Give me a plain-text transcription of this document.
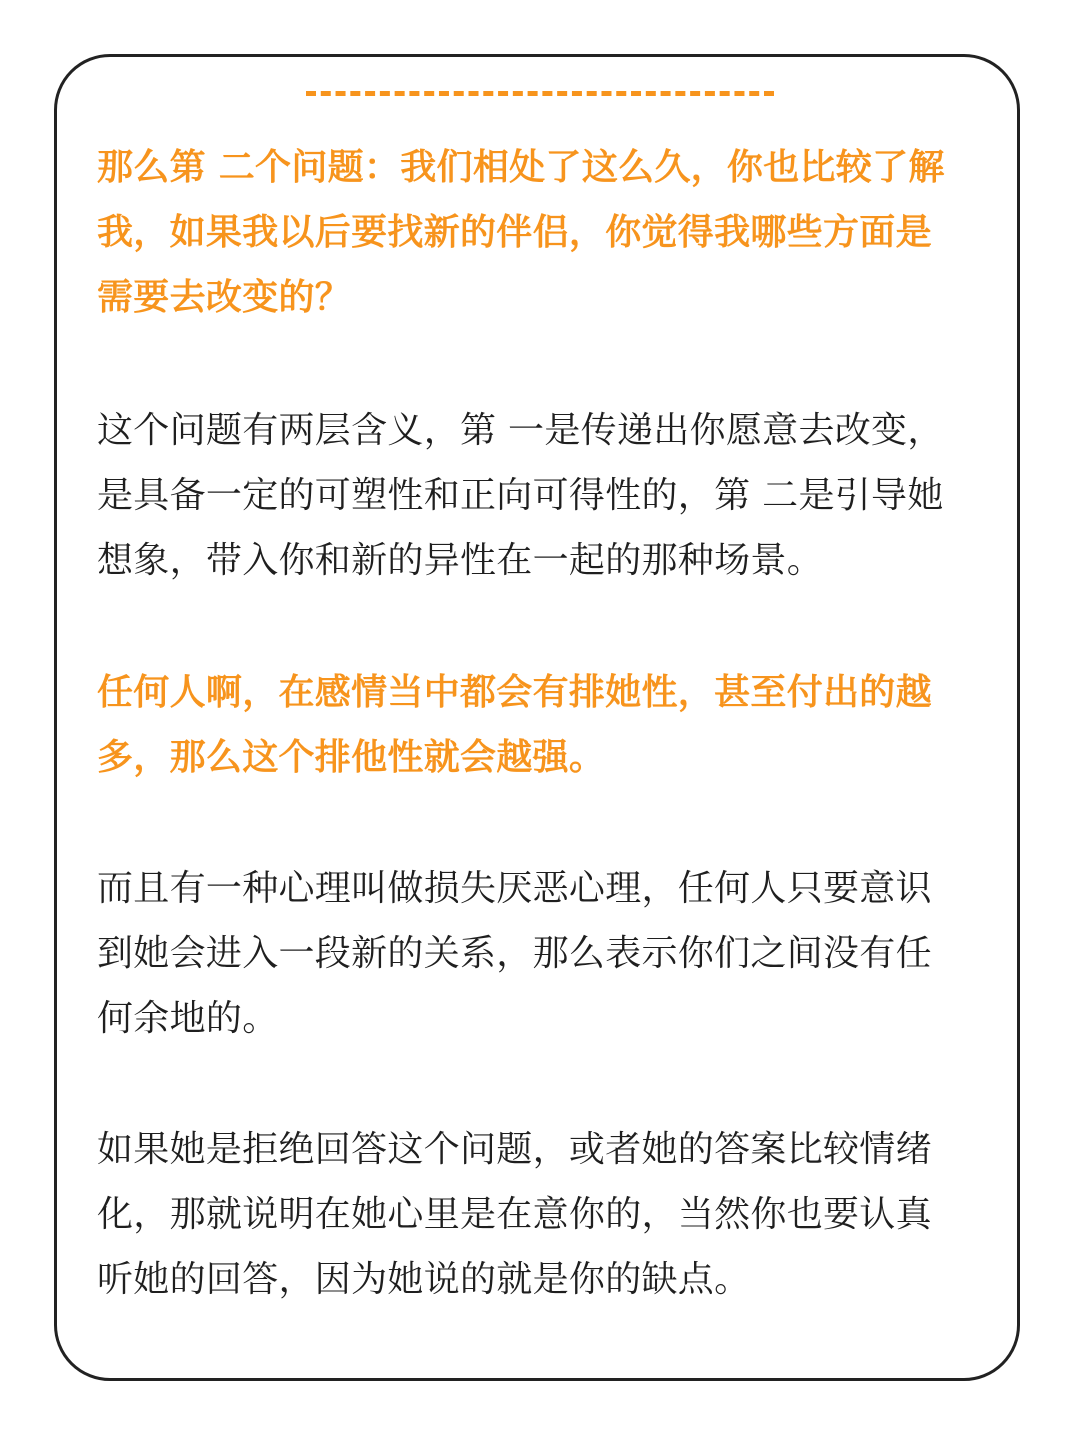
那么第 二个问题：我们相处了这么久，你也比较了解
我，如果我以后要找新的伴侣，你觉得我哪些方面是
需要去改变的？

这个问题有两层含义，第 一是传递出你愿意去改变，
是具备一定的可塑性和正向可得性的，第 二是引导她
想象，带入你和新的异性在一起的那种场景。

任何人啊，在感情当中都会有排她性，甚至付出的越
多，那么这个排他性就会越强。

而且有一种心理叫做损失厌恶心理，任何人只要意识
到她会进入一段新的关系，那么表示你们之间没有任
何余地的。

如果她是拒绝回答这个问题，或者她的答案比较情绪
化，那就说明在她心里是在意你的，当然你也要认真
听她的回答，因为她说的就是你的缺点。
